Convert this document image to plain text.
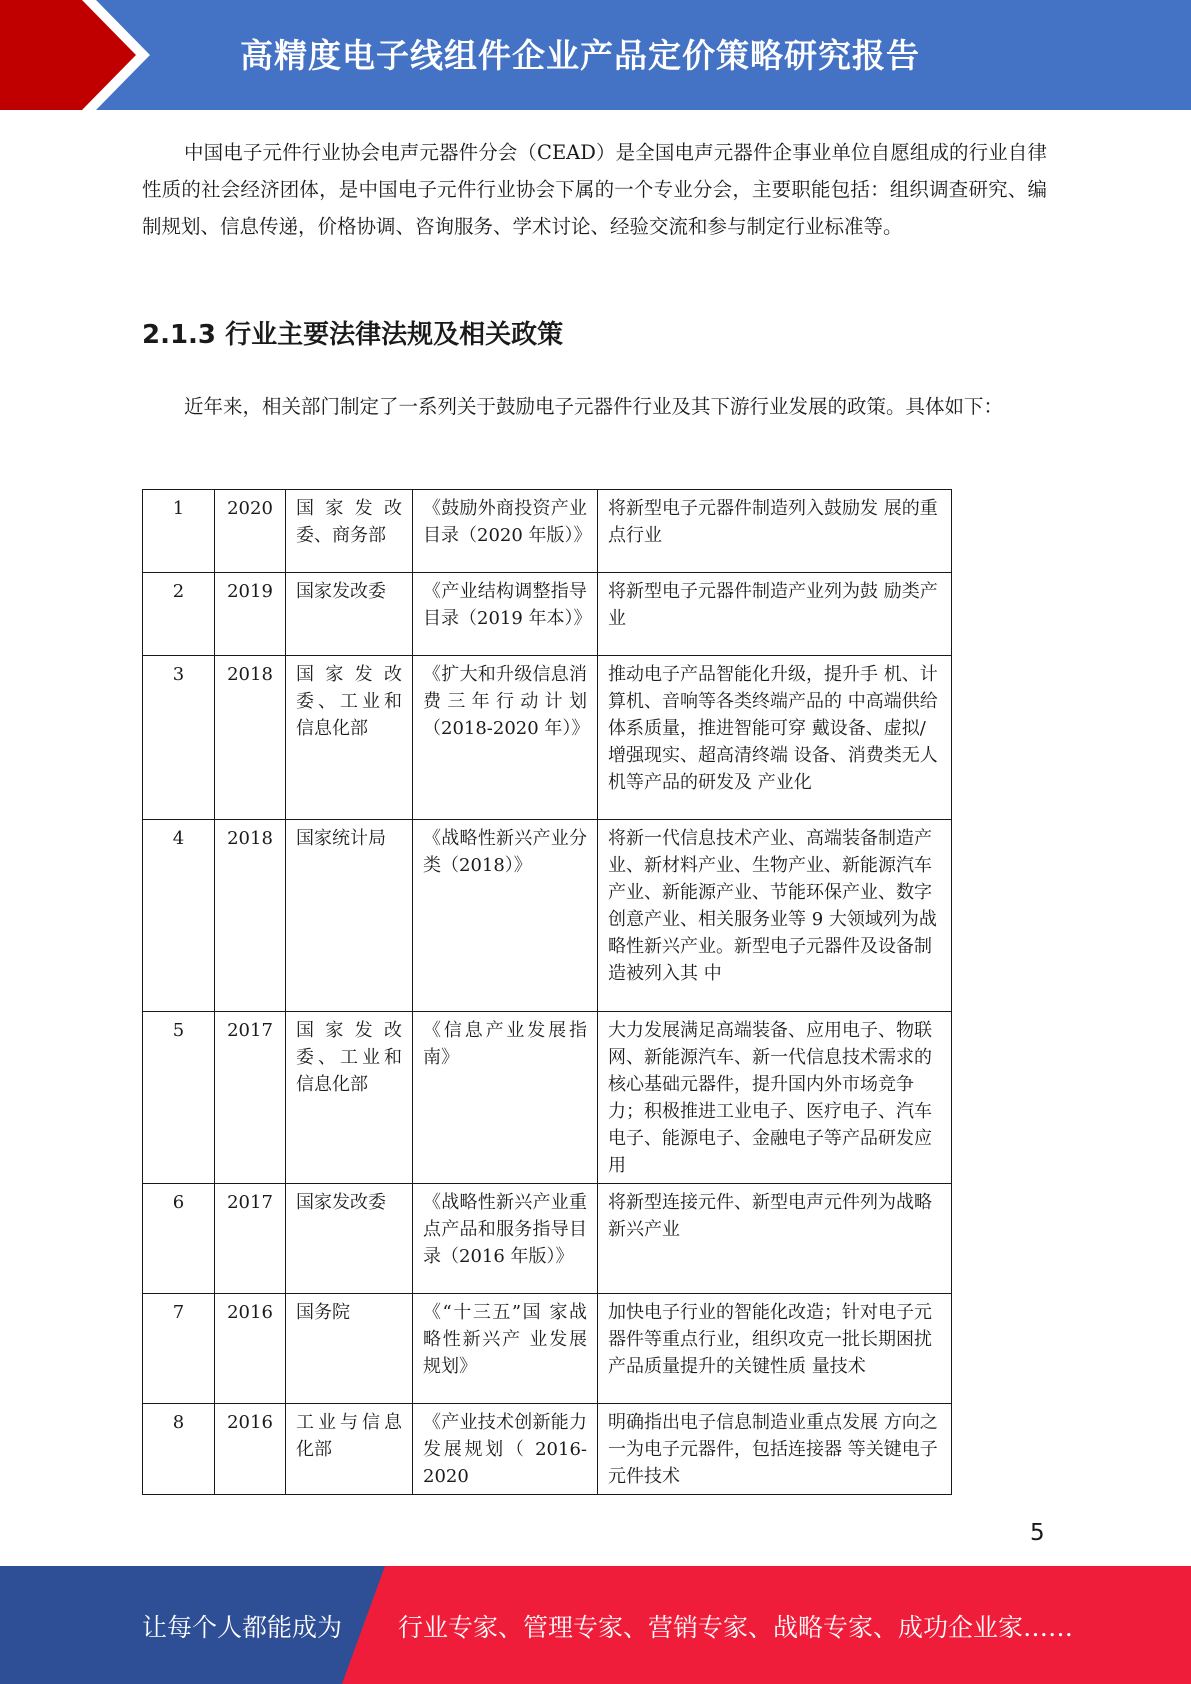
高精度电子线组件企业产品定价策略研究报告

中国电子元件行业协会电声元器件分会（CEAD）是全国电声元器件企事业单位自愿组成的行业自律性质的社会经济团体，是中国电子元件行业协会下属的一个专业分会，主要职能包括：组织调查研究、编制规划、信息传递，价格协调、咨询服务、学术讨论、经验交流和参与制定行业标准等。

2.1.3 行业主要法律法规及相关政策

近年来，相关部门制定了一系列关于鼓励电子元器件行业及其下游行业发展的政策。具体如下：

1	2020	国家发改委、商务部	《鼓励外商投资产业目录（2020 年版）》	将新型电子元器件制造列入鼓励发 展的重点行业
2	2019	国家发改委	《产业结构调整指导目录（2019 年本）》	将新型电子元器件制造产业列为鼓 励类产业
3	2018	国家发改委、工业和信息化部	《扩大和升级信息消费三年行动计划（2018-2020 年）》	推动电子产品智能化升级，提升手 机、计算机、音响等各类终端产品的 中高端供给体系质量，推进智能可穿 戴设备、虚拟/增强现实、超高清终端 设备、消费类无人机等产品的研发及 产业化
4	2018	国家统计局	《战略性新兴产业分类（2018）》	将新一代信息技术产业、高端装备制造产业、新材料产业、生物产业、新能源汽车产业、新能源产业、节能环保产业、数字创意产业、相关服务业等 9 大领域列为战略性新兴产业。新型电子元器件及设备制造被列入其 中
5	2017	国家发改委、工业和信息化部	《信息产业发展指南》	大力发展满足高端装备、应用电子、物联网、新能源汽车、新一代信息技术需求的核心基础元器件，提升国内外市场竞争力；积极推进工业电子、医疗电子、汽车电子、能源电子、金融电子等产品研发应用
6	2017	国家发改委	《战略性新兴产业重点产品和服务指导目录（2016 年版）》	将新型连接元件、新型电声元件列为战略新兴产业
7	2016	国务院	《“十三五”国 家战略性新兴产 业发展规划》	加快电子行业的智能化改造；针对电子元器件等重点行业，组织攻克一批长期困扰产品质量提升的关键性质 量技术
8	2016	工业与信息化部	《产业技术创新能力发展规划（ 2016-2020	明确指出电子信息制造业重点发展 方向之一为电子元器件，包括连接器 等关键电子元件技术
5
让每个人都能成为 行业专家、管理专家、营销专家、战略专家、成功企业家……
